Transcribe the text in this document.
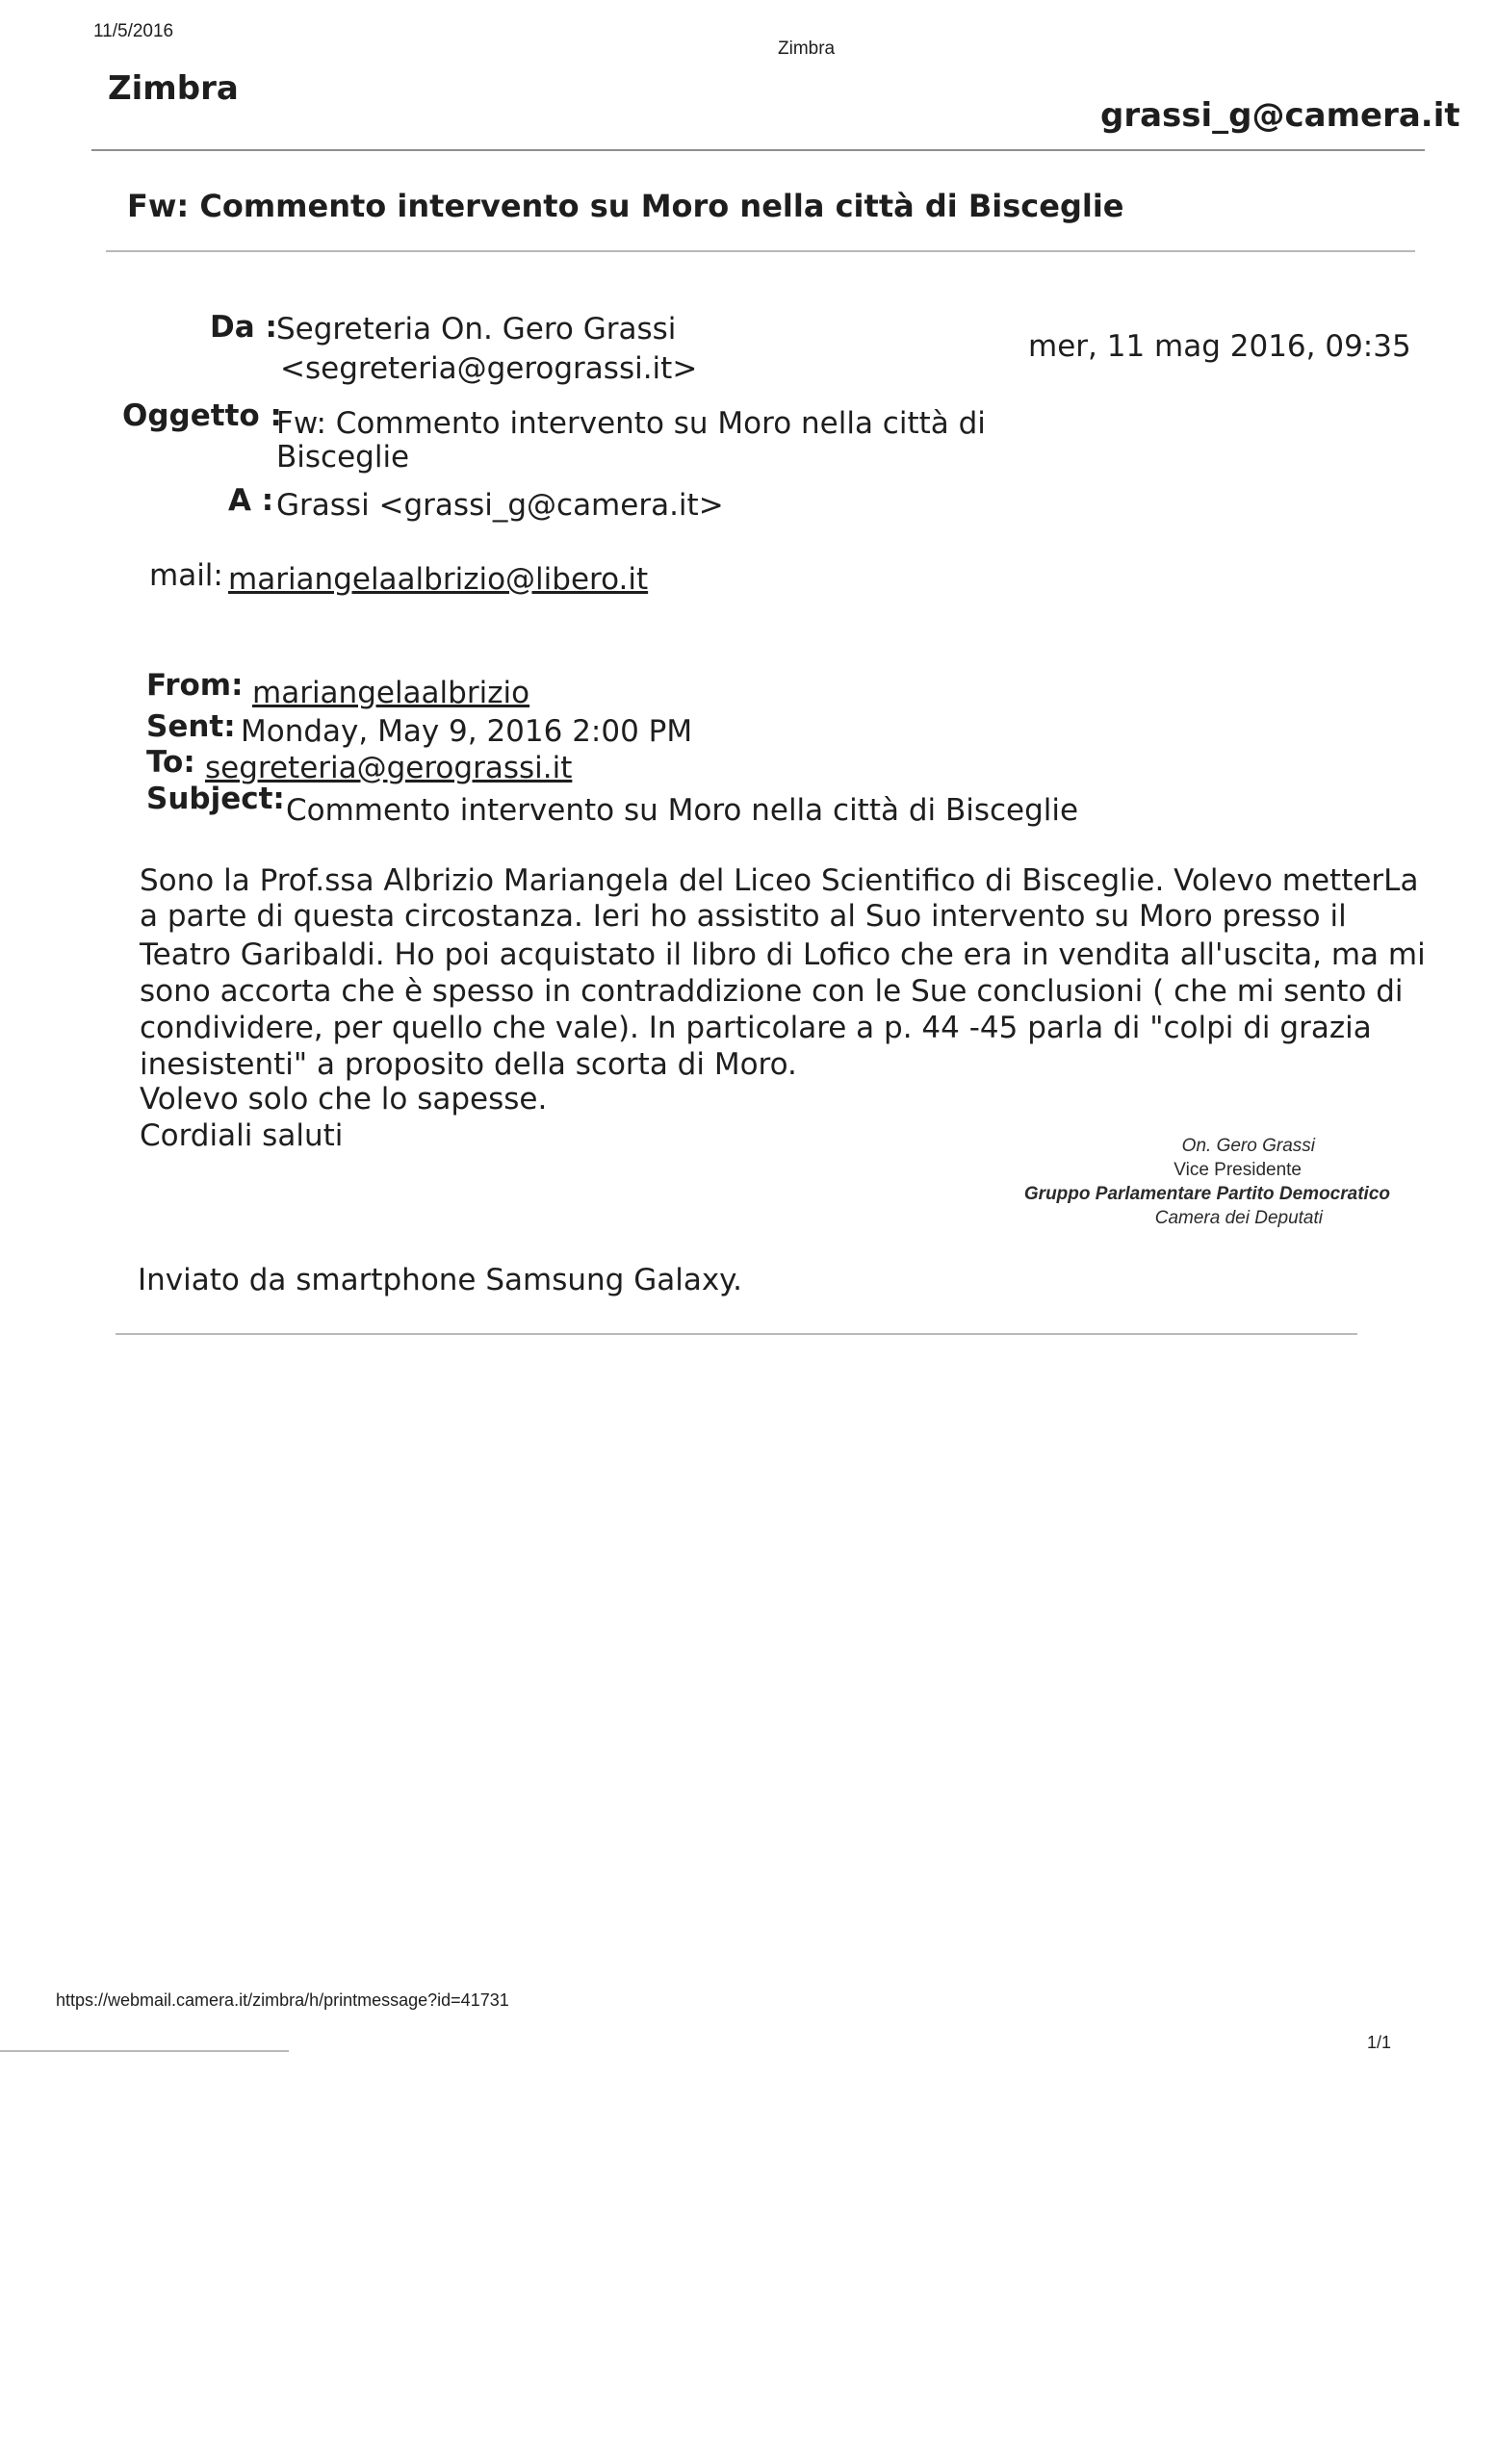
11/5/2016
Zimbra
Zimbra
grassi_g@camera.it
Fw: Commento intervento su Moro nella città di Bisceglie
Da : Segreteria On. Gero Grassi
<segreteria@gerograssi.it>
Oggetto :
Fw: Commento intervento su Moro nella città di
Bisceglie
A : Grassi <grassi_g@camera.it>
mer, 11 mag 2016, 09:35
mail: mariangelaalbrizio@libero.it
From: mariangelaalbrizio
Sent: Monday, May 9, 2016 2:00 PM
To: segreteria@gerograssi.it
Subject: Commento intervento su Moro nella città di Bisceglie
Sono la Prof.ssa Albrizio Mariangela del Liceo Scientifico di Bisceglie. Volevo metterLa
a parte di questa circostanza. Ieri ho assistito al Suo intervento su Moro presso il
Teatro Garibaldi. Ho poi acquistato il libro di Lofico che era in vendita all'uscita, ma mi
sono accorta che è spesso in contraddizione con le Sue conclusioni ( che mi sento di
condividere, per quello che vale). In particolare a p. 44 -45 parla di "colpi di grazia
inesistenti" a proposito della scorta di Moro.
Volevo solo che lo sapesse.
Cordiali saluti	On. Gero Grassi
Vice Presidente
Gruppo Parlamentare Partito Democratico
Camera dei Deputati
Inviato da smartphone Samsung Galaxy.
https://webmail.camera.it/zimbra/h/printmessage?id=41731
1/1
